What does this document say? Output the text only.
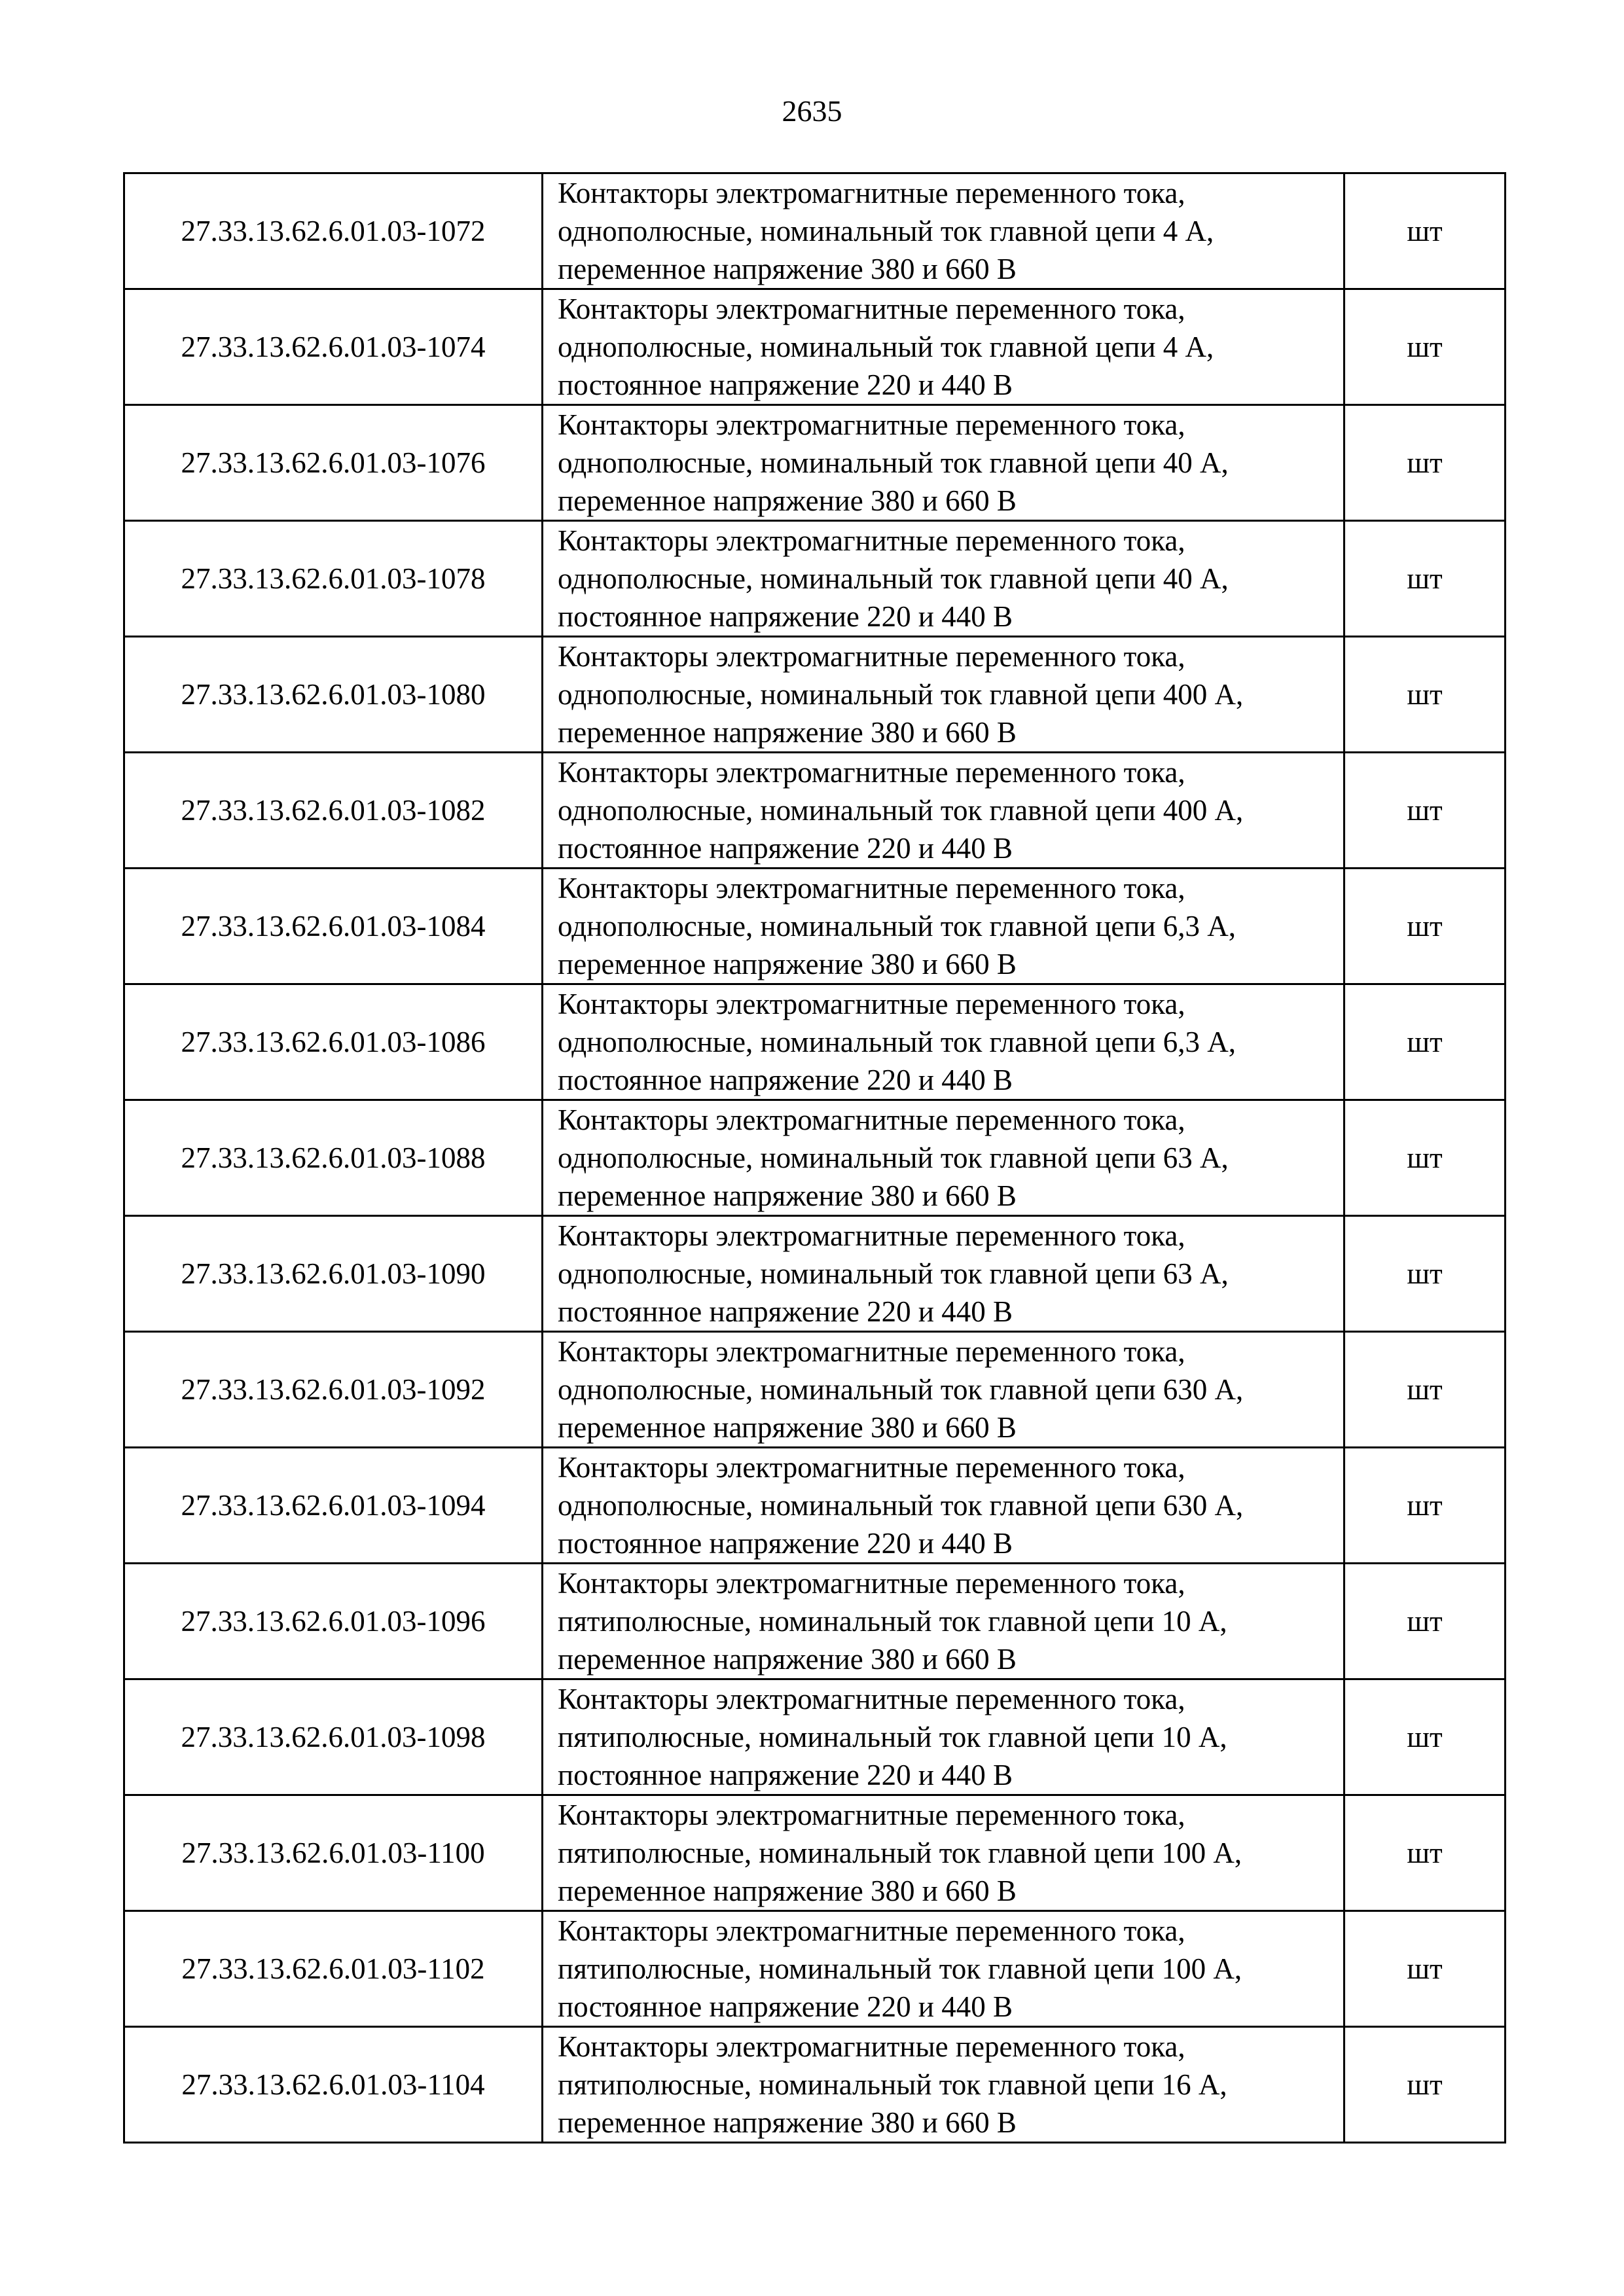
2635
27.33.13.62.6.01.03-1072	Контакторы электромагнитные переменного тока, однополюсные, номинальный ток главной цепи 4 А, переменное напряжение 380 и 660 В	шт
27.33.13.62.6.01.03-1074	Контакторы электромагнитные переменного тока, однополюсные, номинальный ток главной цепи 4 А, постоянное напряжение 220 и 440 В	шт
27.33.13.62.6.01.03-1076	Контакторы электромагнитные переменного тока, однополюсные, номинальный ток главной цепи 40 А, переменное напряжение 380 и 660 В	шт
27.33.13.62.6.01.03-1078	Контакторы электромагнитные переменного тока, однополюсные, номинальный ток главной цепи 40 А, постоянное напряжение 220 и 440 В	шт
27.33.13.62.6.01.03-1080	Контакторы электромагнитные переменного тока, однополюсные, номинальный ток главной цепи 400 А, переменное напряжение 380 и 660 В	шт
27.33.13.62.6.01.03-1082	Контакторы электромагнитные переменного тока, однополюсные, номинальный ток главной цепи 400 А, постоянное напряжение 220 и 440 В	шт
27.33.13.62.6.01.03-1084	Контакторы электромагнитные переменного тока, однополюсные, номинальный ток главной цепи 6,3 А, переменное напряжение 380 и 660 В	шт
27.33.13.62.6.01.03-1086	Контакторы электромагнитные переменного тока, однополюсные, номинальный ток главной цепи 6,3 А, постоянное напряжение 220 и 440 В	шт
27.33.13.62.6.01.03-1088	Контакторы электромагнитные переменного тока, однополюсные, номинальный ток главной цепи 63 А, переменное напряжение 380 и 660 В	шт
27.33.13.62.6.01.03-1090	Контакторы электромагнитные переменного тока, однополюсные, номинальный ток главной цепи 63 А, постоянное напряжение 220 и 440 В	шт
27.33.13.62.6.01.03-1092	Контакторы электромагнитные переменного тока, однополюсные, номинальный ток главной цепи 630 А, переменное напряжение 380 и 660 В	шт
27.33.13.62.6.01.03-1094	Контакторы электромагнитные переменного тока, однополюсные, номинальный ток главной цепи 630 А, постоянное напряжение 220 и 440 В	шт
27.33.13.62.6.01.03-1096	Контакторы электромагнитные переменного тока, пятиполюсные, номинальный ток главной цепи 10 А, переменное напряжение 380 и 660 В	шт
27.33.13.62.6.01.03-1098	Контакторы электромагнитные переменного тока, пятиполюсные, номинальный ток главной цепи 10 А, постоянное напряжение 220 и 440 В	шт
27.33.13.62.6.01.03-1100	Контакторы электромагнитные переменного тока, пятиполюсные, номинальный ток главной цепи 100 А, переменное напряжение 380 и 660 В	шт
27.33.13.62.6.01.03-1102	Контакторы электромагнитные переменного тока, пятиполюсные, номинальный ток главной цепи 100 А, постоянное напряжение 220 и 440 В	шт
27.33.13.62.6.01.03-1104	Контакторы электромагнитные переменного тока, пятиполюсные, номинальный ток главной цепи 16 А, переменное напряжение 380 и 660 В	шт
